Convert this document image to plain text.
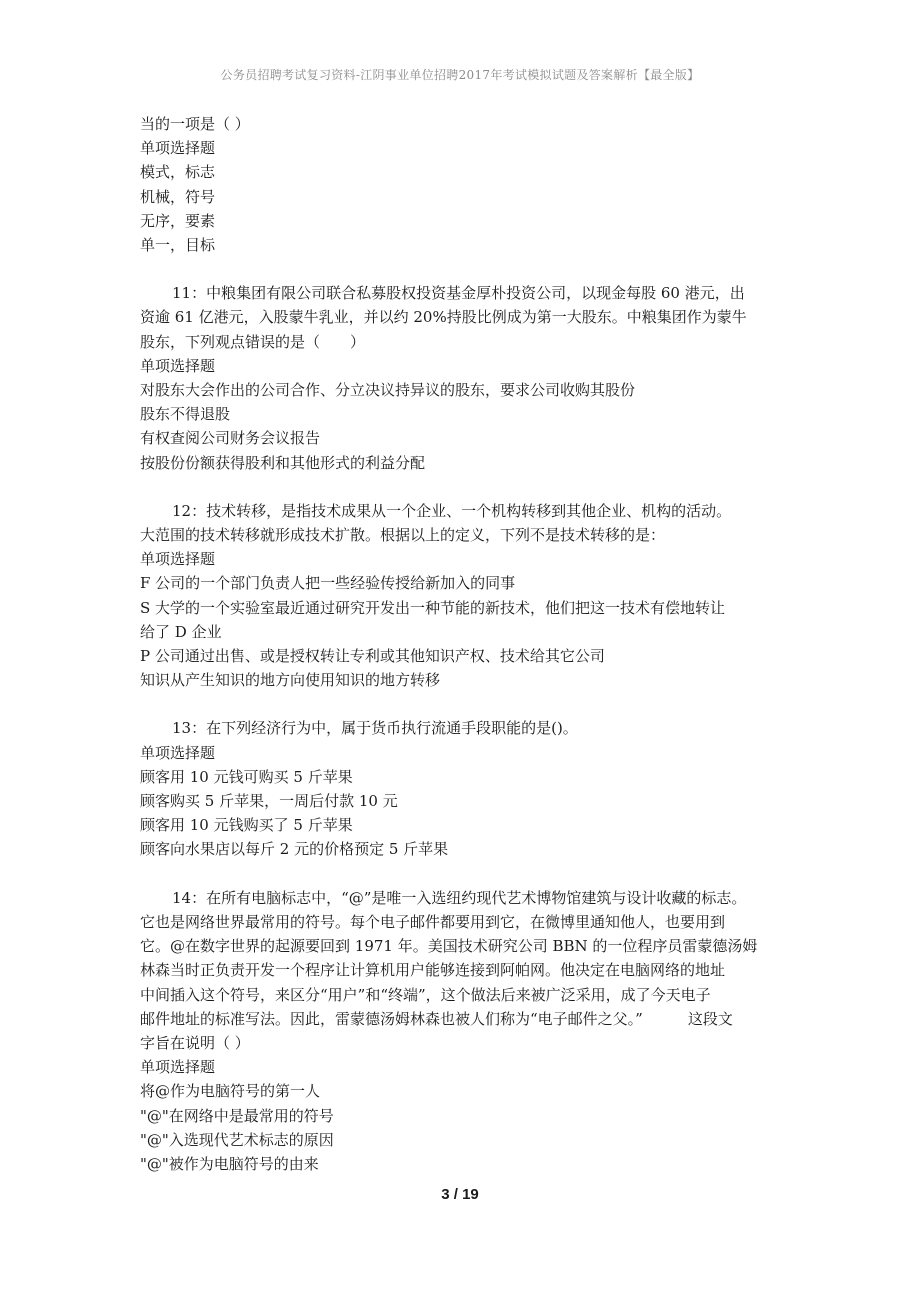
公务员招聘考试复习资料-江阴事业单位招聘2017年考试模拟试题及答案解析【最全版】
当的一项是（ ）
单项选择题
模式，标志
机械，符号
无序，要素
单一，目标
11：中粮集团有限公司联合私募股权投资基金厚朴投资公司，以现金每股 60 港元，出
资逾 61 亿港元，入股蒙牛乳业，并以约 20%持股比例成为第一大股东。中粮集团作为蒙牛
股东，下列观点错误的是（　　）
单项选择题
对股东大会作出的公司合作、分立决议持异议的股东，要求公司收购其股份
股东不得退股
有权查阅公司财务会议报告
按股份份额获得股利和其他形式的利益分配
12：技术转移，是指技术成果从一个企业、一个机构转移到其他企业、机构的活动。
大范围的技术转移就形成技术扩散。根据以上的定义，下列不是技术转移的是：
单项选择题
F 公司的一个部门负责人把一些经验传授给新加入的同事
S 大学的一个实验室最近通过研究开发出一种节能的新技术，他们把这一技术有偿地转让
给了 D 企业
P 公司通过出售、或是授权转让专利或其他知识产权、技术给其它公司
知识从产生知识的地方向使用知识的地方转移
13：在下列经济行为中，属于货币执行流通手段职能的是()。
单项选择题
顾客用 10 元钱可购买 5 斤苹果
顾客购买 5 斤苹果，一周后付款 10 元
顾客用 10 元钱购买了 5 斤苹果
顾客向水果店以每斤 2 元的价格预定 5 斤苹果
14：在所有电脑标志中，“@”是唯一入选纽约现代艺术博物馆建筑与设计收藏的标志。
它也是网络世界最常用的符号。每个电子邮件都要用到它，在微博里通知他人，也要用到
它。@在数字世界的起源要回到 1971 年。美国技术研究公司 BBN 的一位程序员雷蒙德汤姆
林森当时正负责开发一个程序让计算机用户能够连接到阿帕网。他决定在电脑网络的地址
中间插入这个符号，来区分“用户”和“终端”，这个做法后来被广泛采用，成了今天电子
邮件地址的标准写法。因此，雷蒙德汤姆林森也被人们称为“电子邮件之父。”　　　这段文
字旨在说明（ ）
单项选择题
将@作为电脑符号的第一人
"@"在网络中是最常用的符号
"@"入选现代艺术标志的原因
"@"被作为电脑符号的由来
3 / 19
